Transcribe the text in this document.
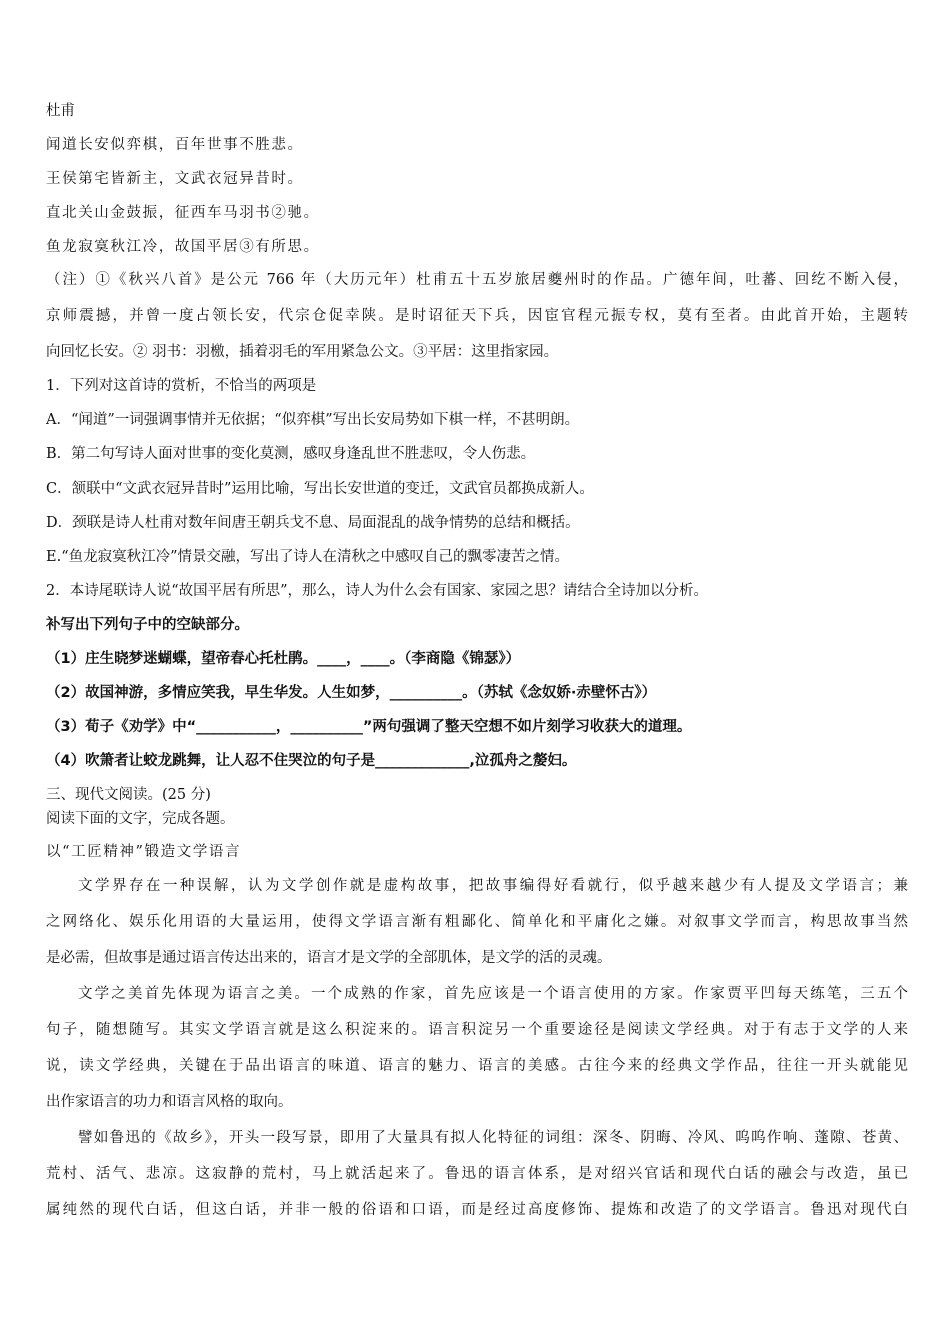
杜甫
闻道长安似弈棋，百年世事不胜悲。
王侯第宅皆新主，文武衣冠异昔时。
直北关山金鼓振，征西车马羽书②驰。
鱼龙寂寞秋江冷，故国平居③有所思。
（注）①《秋兴八首》是公元 766 年（大历元年）杜甫五十五岁旅居夔州时的作品。广德年间，吐蕃、回纥不断入侵，
京师震撼，并曾一度占领长安，代宗仓促幸陕。是时诏征天下兵，因宦官程元振专权，莫有至者。由此首开始，主题转
向回忆长安。② 羽书：羽檄，插着羽毛的军用紧急公文。③平居：这里指家园。
1．下列对这首诗的赏析，不恰当的两项是
A．“闻道”一词强调事情并无依据；“似弈棋”写出长安局势如下棋一样，不甚明朗。
B．第二句写诗人面对世事的变化莫测，感叹身逢乱世不胜悲叹，令人伤悲。
C．颔联中“文武衣冠异昔时”运用比喻，写出长安世道的变迁，文武官员都换成新人。
D．颈联是诗人杜甫对数年间唐王朝兵戈不息、局面混乱的战争情势的总结和概括。
E.“鱼龙寂寞秋江冷”情景交融，写出了诗人在清秋之中感叹自己的飘零凄苦之情。
2．本诗尾联诗人说“故国平居有所思”，那么，诗人为什么会有国家、家园之思？请结合全诗加以分析。
补写出下列句子中的空缺部分。
（1）庄生晓梦迷蝴蝶，望帝春心托杜鹃。____，____。（李商隐《锦瑟》）
（2）故国神游，多情应笑我，早生华发。人生如梦，__________。（苏轼《念奴娇·赤壁怀古》）
（3）荀子《劝学》中“___________，__________”两句强调了整天空想不如片刻学习收获大的道理。
（4）吹箫者让蛟龙跳舞，让人忍不住哭泣的句子是_____________,泣孤舟之嫠妇。
三、现代文阅读。(25 分)
阅读下面的文字，完成各题。
以“工匠精神”锻造文学语言
文学界存在一种误解，认为文学创作就是虚构故事，把故事编得好看就行，似乎越来越少有人提及文学语言；兼
之网络化、娱乐化用语的大量运用，使得文学语言渐有粗鄙化、简单化和平庸化之嫌。对叙事文学而言，构思故事当然
是必需，但故事是通过语言传达出来的，语言才是文学的全部肌体，是文学的活的灵魂。
文学之美首先体现为语言之美。一个成熟的作家，首先应该是一个语言使用的方家。作家贾平凹每天练笔，三五个
句子，随想随写。其实文学语言就是这么积淀来的。语言积淀另一个重要途径是阅读文学经典。对于有志于文学的人来
说，读文学经典，关键在于品出语言的味道、语言的魅力、语言的美感。古往今来的经典文学作品，往往一开头就能见
出作家语言的功力和语言风格的取向。
譬如鲁迅的《故乡》，开头一段写景，即用了大量具有拟人化特征的词组：深冬、阴晦、冷风、呜呜作响、蓬隙、苍黄、
荒村、活气、悲凉。这寂静的荒村，马上就活起来了。鲁迅的语言体系，是对绍兴官话和现代白话的融会与改造，虽已
属纯然的现代白话，但这白话，并非一般的俗语和口语，而是经过高度修饰、提炼和改造了的文学语言。鲁迅对现代白
